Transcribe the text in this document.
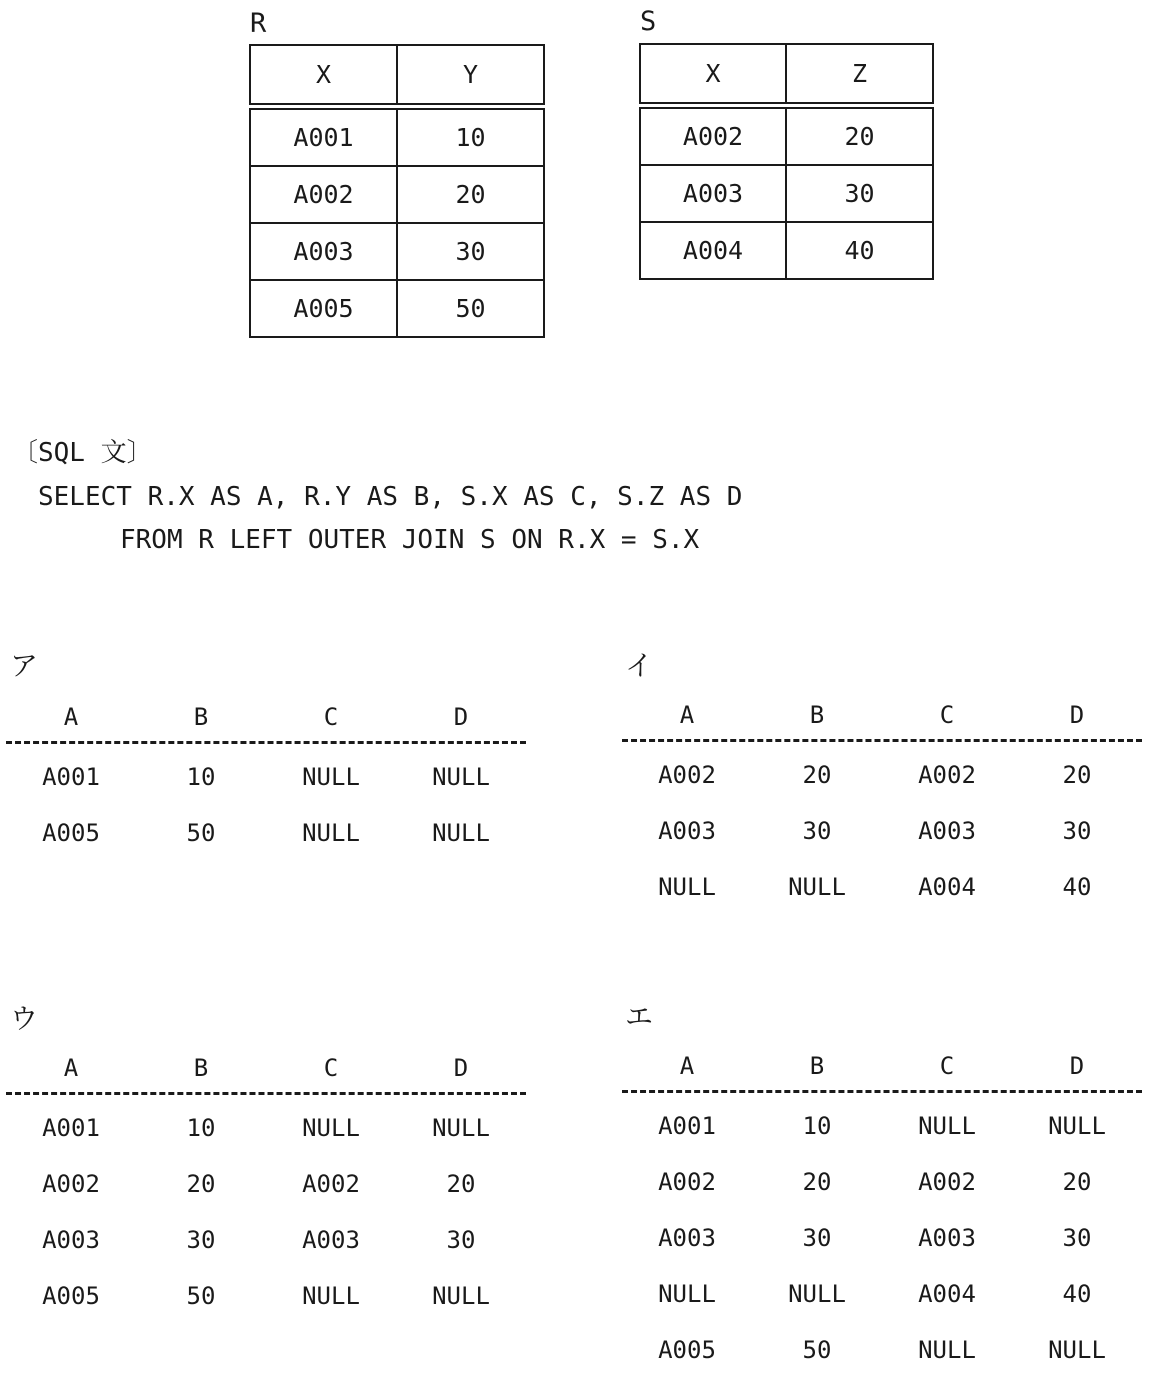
R
X	Y
A001	10
A002	20
A003	30
A005	50
S
X	Z
A002	20
A003	30
A004	40
〔SQL 文〕
SELECT R.X AS A, R.Y AS B, S.X AS C, S.Z AS D
FROM R LEFT OUTER JOIN S ON R.X = S.X
ア
A	B	C	D
A001	10	NULL	NULL
A005	50	NULL	NULL
イ
A	B	C	D
A002	20	A002	20
A003	30	A003	30
NULL	NULL	A004	40
ウ
A	B	C	D
A001	10	NULL	NULL
A002	20	A002	20
A003	30	A003	30
A005	50	NULL	NULL
エ
A	B	C	D
A001	10	NULL	NULL
A002	20	A002	20
A003	30	A003	30
NULL	NULL	A004	40
A005	50	NULL	NULL
